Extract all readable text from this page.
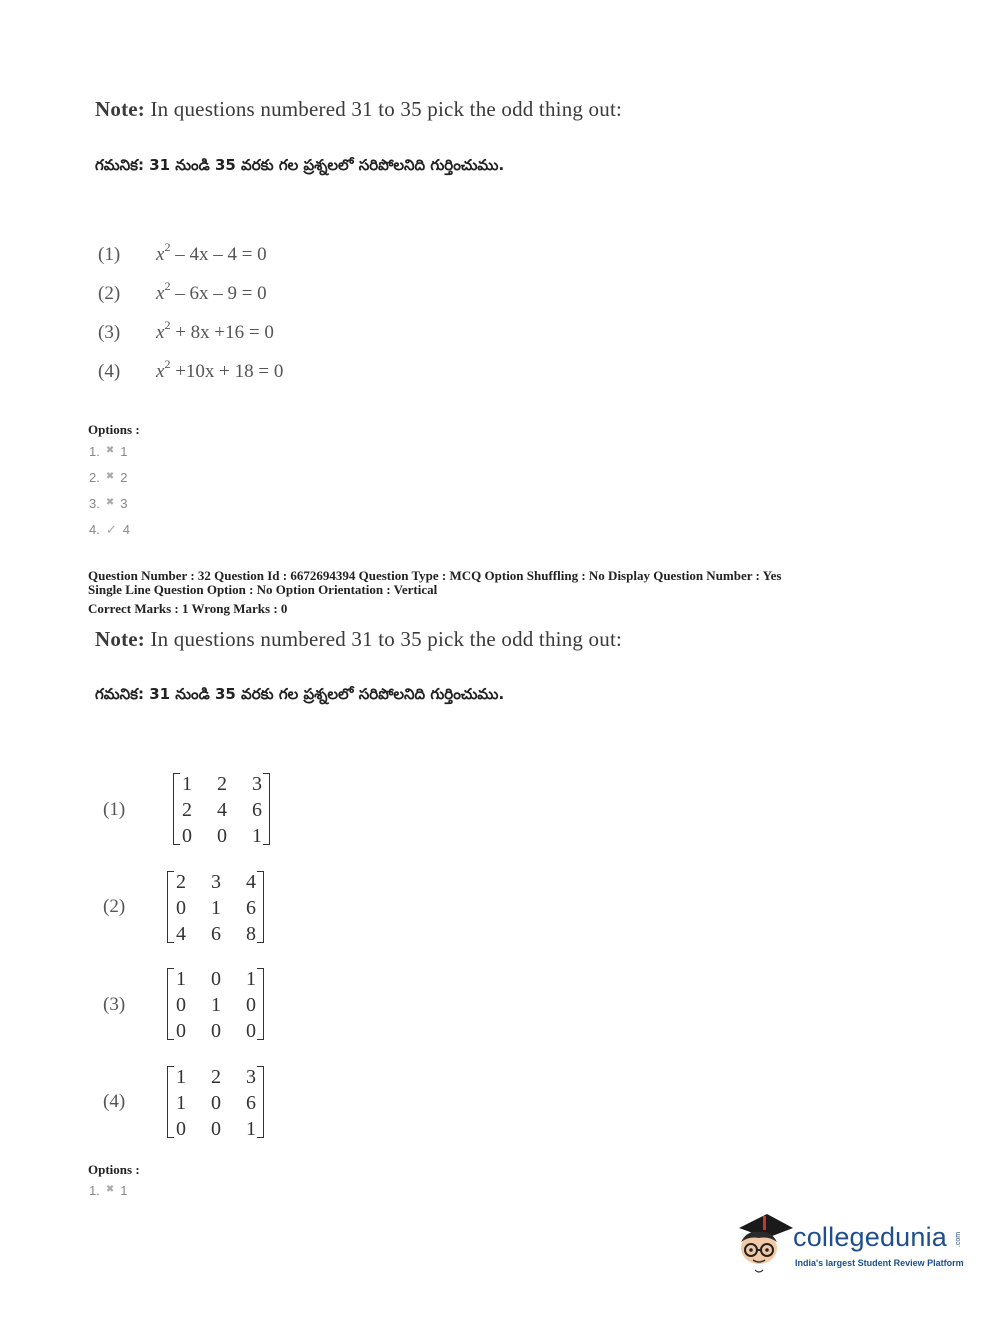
Note: In questions numbered 31 to 35 pick the odd thing out:
గమనిక: 31 నుండి 35 వరకు గల ప్రశ్నలలో సరిపోలనిది గుర్తించుము.
(1) $x^2 - 4x - 4 = 0$
(2) $x^2 - 6x - 9 = 0$
(3) $x^2 + 8x +16 = 0$
(4) $x^2 +10x + 18 = 0$
Options :
1. ✖ 1
2. ✖ 2
3. ✖ 3
4. ✓ 4
Question Number : 32 Question Id : 6672694394 Question Type : MCQ Option Shuffling : No Display Question Number : Yes
Single Line Question Option : No Option Orientation : Vertical
Correct Marks : 1 Wrong Marks : 0
Note: In questions numbered 31 to 35 pick the odd thing out:
గమనిక: 31 నుండి 35 వరకు గల ప్రశ్నలలో సరిపోలనిది గుర్తించుము.
(1)
1 2 3
2 4 6
0 0 1
(2)
2 3 4
0 1 6
4 6 8
(3)
1 0 1
0 1 0
0 0 0
(4)
1 2 3
1 0 6
0 0 1
Options :
1. ✖ 1
collegedunia .com
India's largest Student Review Platform
